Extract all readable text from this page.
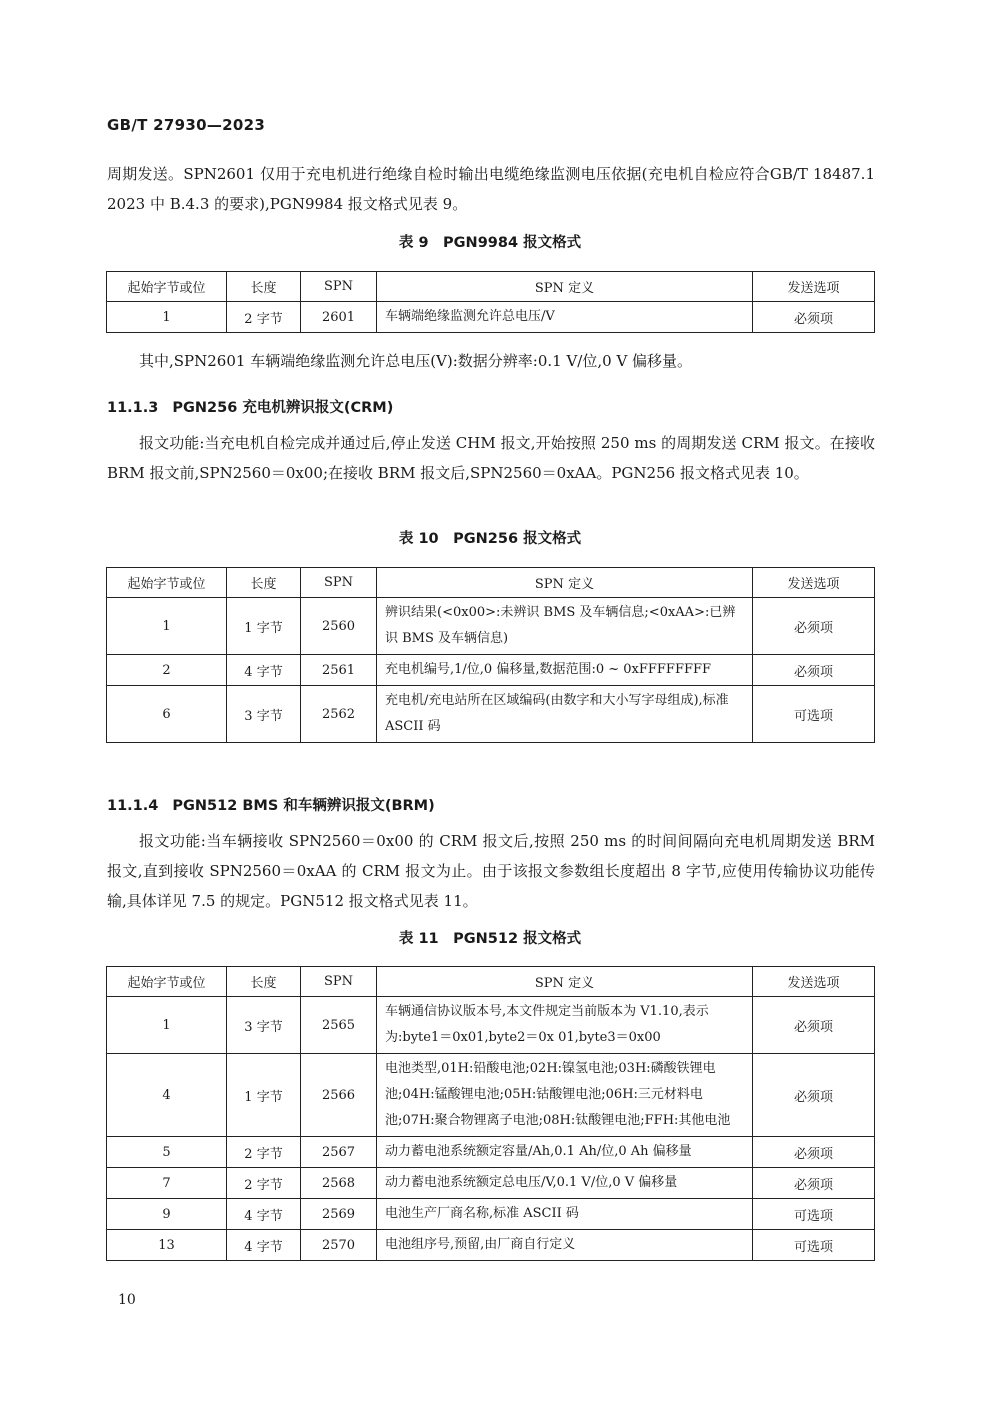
GB/T 27930—2023

周期发送。SPN2601 仅用于充电机进行绝缘自检时输出电缆绝缘监测电压依据(充电机自检应符合GB/T 18487.1　2023 中 B.4.3 的要求),PGN9984 报文格式见表 9。

表 9　PGN9984 报文格式
起始字节或位	长度	SPN	SPN 定义	发送选项
1	2 字节	2601	车辆端绝缘监测允许总电压/V	必须项

其中,SPN2601 车辆端绝缘监测允许总电压(V):数据分辨率:0.1 V/位,0 V 偏移量。

11.1.3 PGN256 充电机辨识报文(CRM)

报文功能:当充电机自检完成并通过后,停止发送 CHM 报文,开始按照 250 ms 的周期发送 CRM 报文。在接收 BRM 报文前,SPN2560＝0x00;在接收 BRM 报文后,SPN2560＝0xAA。PGN256 报文格式见表 10。

表 10　PGN256 报文格式
起始字节或位	长度	SPN	SPN 定义	发送选项
1	1 字节	2560	辨识结果(<0x00>:未辨识 BMS 及车辆信息;<0xAA>:已辨识 BMS 及车辆信息)	必须项
2	4 字节	2561	充电机编号,1/位,0 偏移量,数据范围:0 ~ 0xFFFFFFFF	必须项
6	3 字节	2562	充电机/充电站所在区域编码(由数字和大小写字母组成),标准 ASCII 码	可选项
11.1.4 PGN512 BMS 和车辆辨识报文(BRM)

报文功能:当车辆接收 SPN2560＝0x00 的 CRM 报文后,按照 250 ms 的时间间隔向充电机周期发送 BRM 报文,直到接收 SPN2560＝0xAA 的 CRM 报文为止。由于该报文参数组长度超出 8 字节,应使用传输协议功能传输,具体详见 7.5 的规定。PGN512 报文格式见表 11。

表 11　PGN512 报文格式
起始字节或位	长度	SPN	SPN 定义	发送选项
1	3 字节	2565	车辆通信协议版本号,本文件规定当前版本为 V1.10,表示为:byte1＝0x01,byte2＝0x 01,byte3＝0x00	必须项
4	1 字节	2566	电池类型,01H:铅酸电池;02H:镍氢电池;03H:磷酸铁锂电池;04H:锰酸锂电池;05H:钴酸锂电池;06H:三元材料电池;07H:聚合物锂离子电池;08H:钛酸锂电池;FFH:其他电池	必须项
5	2 字节	2567	动力蓄电池系统额定容量/Ah,0.1 Ah/位,0 Ah 偏移量	必须项
7	2 字节	2568	动力蓄电池系统额定总电压/V,0.1 V/位,0 V 偏移量	必须项
9	4 字节	2569	电池生产厂商名称,标准 ASCII 码	可选项
13	4 字节	2570	电池组序号,预留,由厂商自行定义	可选项
10
